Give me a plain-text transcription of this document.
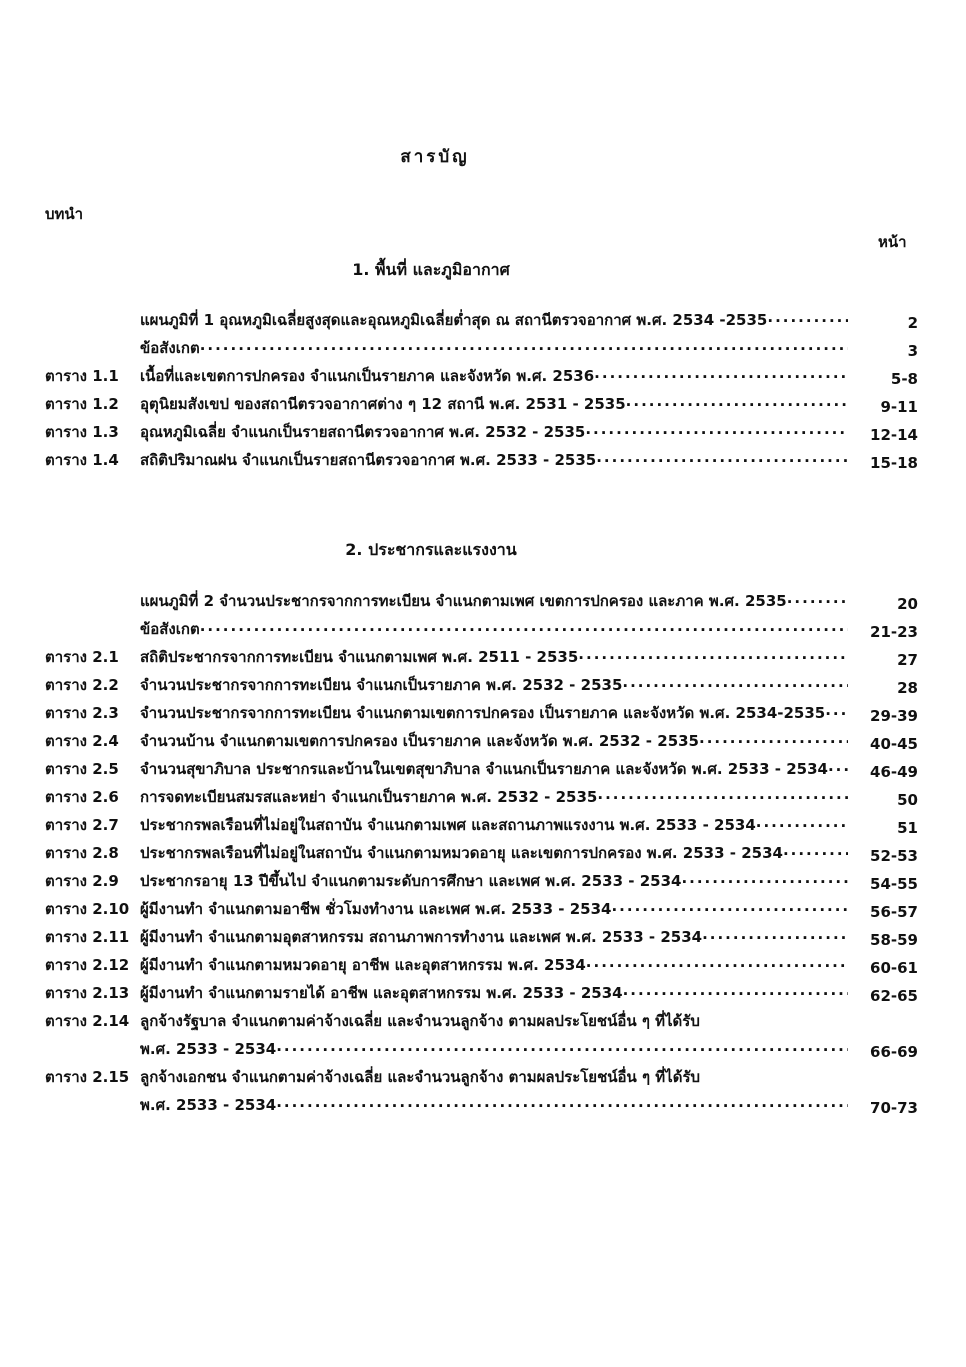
สารบัญ
บทนำ
หน้า
1. พื้นที่ และภูมิอากาศ
2. ประชากรและแรงงาน
แผนภูมิที่ 1 อุณหภูมิเฉลี่ยสูงสุดและอุณหภูมิเฉลี่ยต่ำสุด ณ สถานีตรวจอากาศ พ.ศ. 2534 -2535 .....	2
ข้อสังเกต .....	3
ตาราง 1.1	เนื้อที่และเขตการปกครอง จำแนกเป็นรายภาค และจังหวัด พ.ศ. 2536 .....	5-8
ตาราง 1.2	อุตุนิยมสังเขป ของสถานีตรวจอากาศต่าง ๆ 12 สถานี พ.ศ. 2531 - 2535 .....	9-11
ตาราง 1.3	อุณหภูมิเฉลี่ย จำแนกเป็นรายสถานีตรวจอากาศ พ.ศ. 2532 - 2535 .....	12-14
ตาราง 1.4	สถิติปริมาณฝน จำแนกเป็นรายสถานีตรวจอากาศ พ.ศ. 2533 - 2535 .....	15-18
แผนภูมิที่ 2 จำนวนประชากรจากการทะเบียน จำแนกตามเพศ เขตการปกครอง และภาค พ.ศ. 2535 .....	20
ข้อสังเกต .....	21-23
ตาราง 2.1	สถิติประชากรจากการทะเบียน จำแนกตามเพศ พ.ศ. 2511 - 2535 .....	27
ตาราง 2.2	จำนวนประชากรจากการทะเบียน จำแนกเป็นรายภาค พ.ศ. 2532 - 2535 .....	28
ตาราง 2.3	จำนวนประชากรจากการทะเบียน จำแนกตามเขตการปกครอง เป็นรายภาค และจังหวัด พ.ศ. 2534-2535 .....	29-39
ตาราง 2.4	จำนวนบ้าน จำแนกตามเขตการปกครอง เป็นรายภาค และจังหวัด พ.ศ. 2532 - 2535 .....	40-45
ตาราง 2.5	จำนวนสุขาภิบาล ประชากรและบ้านในเขตสุขาภิบาล จำแนกเป็นรายภาค และจังหวัด พ.ศ. 2533 - 2534 .....	46-49
ตาราง 2.6	การจดทะเบียนสมรสและหย่า จำแนกเป็นรายภาค พ.ศ. 2532 - 2535 .....	50
ตาราง 2.7	ประชากรพลเรือนที่ไม่อยู่ในสถาบัน จำแนกตามเพศ และสถานภาพแรงงาน พ.ศ. 2533 - 2534 .....	51
ตาราง 2.8	ประชากรพลเรือนที่ไม่อยู่ในสถาบัน จำแนกตามหมวดอายุ และเขตการปกครอง พ.ศ. 2533 - 2534 .....	52-53
ตาราง 2.9	ประชากรอายุ 13 ปีขึ้นไป จำแนกตามระดับการศึกษา และเพศ พ.ศ. 2533 - 2534 .....	54-55
ตาราง 2.10 ผู้มีงานทำ จำแนกตามอาชีพ ชั่วโมงทำงาน และเพศ พ.ศ. 2533 - 2534 .....	56-57
ตาราง 2.11 ผู้มีงานทำ จำแนกตามอุตสาหกรรม สถานภาพการทำงาน และเพศ พ.ศ. 2533 - 2534 .....	58-59
ตาราง 2.12 ผู้มีงานทำ จำแนกตามหมวดอายุ อาชีพ และอุตสาหกรรม พ.ศ. 2534 .....	60-61
ตาราง 2.13 ผู้มีงานทำ จำแนกตามรายได้ อาชีพ และอุตสาหกรรม พ.ศ. 2533 - 2534 .....	62-65
ตาราง 2.14 ลูกจ้างรัฐบาล จำแนกตามค่าจ้างเฉลี่ย และจำนวนลูกจ้าง ตามผลประโยชน์อื่น ๆ ที่ได้รับ
พ.ศ. 2533 - 2534 .....	66-69
ตาราง 2.15 ลูกจ้างเอกชน จำแนกตามค่าจ้างเฉลี่ย และจำนวนลูกจ้าง ตามผลประโยชน์อื่น ๆ ที่ได้รับ
พ.ศ. 2533 - 2534 .....	70-73
